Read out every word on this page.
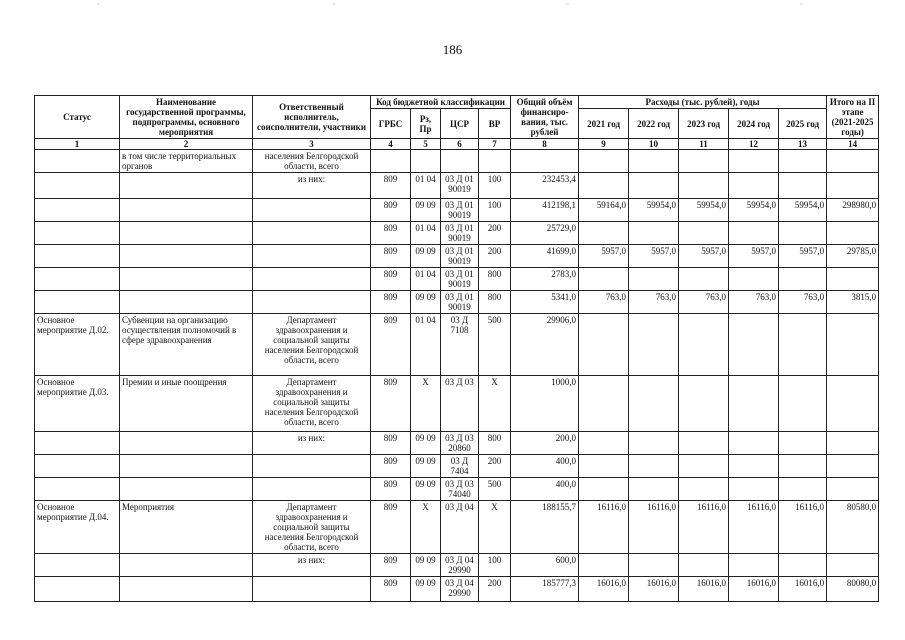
¨	¨	¨	¨
186
Статус	Наименование государственной программы, подпрограммы, основного мероприятия	Ответственный исполнитель, соисполнители, участники	Код бюджетной классификации				Общий объём финансиро-вания, тыс. рублей	Расходы (тыс. рублей), годы					Итого на II этапе (2021-2025 годы)
			ГРБС	Рз, Пр	ЦСР	ВР		2021 год	2022 год	2023 год	2024 год	2025 год	
1	2	3	4	5	6	7	8	9	10	11	12	13	14
	в том числе территориальных органов	населения Белгородской области, всего											
		из них:	809	01 04	03 Д 01 90019	100	232453,4						
			809	09 09	03 Д 01 90019	100	412198,1	59164,0	59954,0	59954,0	59954,0	59954,0	298980,0
			809	01 04	03 Д 01 90019	200	25729,0						
			809	09 09	03 Д 01 90019	200	41699,0	5957,0	5957,0	5957,0	5957,0	5957,0	29785,0
			809	01 04	03 Д 01 90019	800	2783,0						
			809	09 09	03 Д 01 90019	800	5341,0	763,0	763,0	763,0	763,0	763,0	3815,0
Основное мероприятие Д.02.	Субвенции на организацию осуществления полномочий в сфере здравоохранения	Департамент здравоохранения и социальной защиты населения Белгородской области, всего	809	01 04	03 Д 7108	500	29906,0						
Основное мероприятие Д.03.	Премии и иные поощрения	Департамент здравоохранения и социальной защиты населения Белгородской области, всего	809	Х	03 Д 03	Х	1000,0						
		из них:	809	09 09	03 Д 03 20860	800	200,0						
			809	09 09	03 Д 7404	200	400,0						
			809	09 09	03 Д 03 74040	500	400,0						
Основное мероприятие Д.04.	Мероприятия	Департамент здравоохранения и социальной защиты населения Белгородской области, всего	809	Х	03 Д 04	Х	188155,7	16116,0	16116,0	16116,0	16116,0	16116,0	80580,0
		из них:	809	09 09	03 Д 04 29990	100	600,0						
			809	09 09	03 Д 04 29990	200	185777,3	16016,0	16016,0	16016,0	16016,0	16016,0	80080,0
